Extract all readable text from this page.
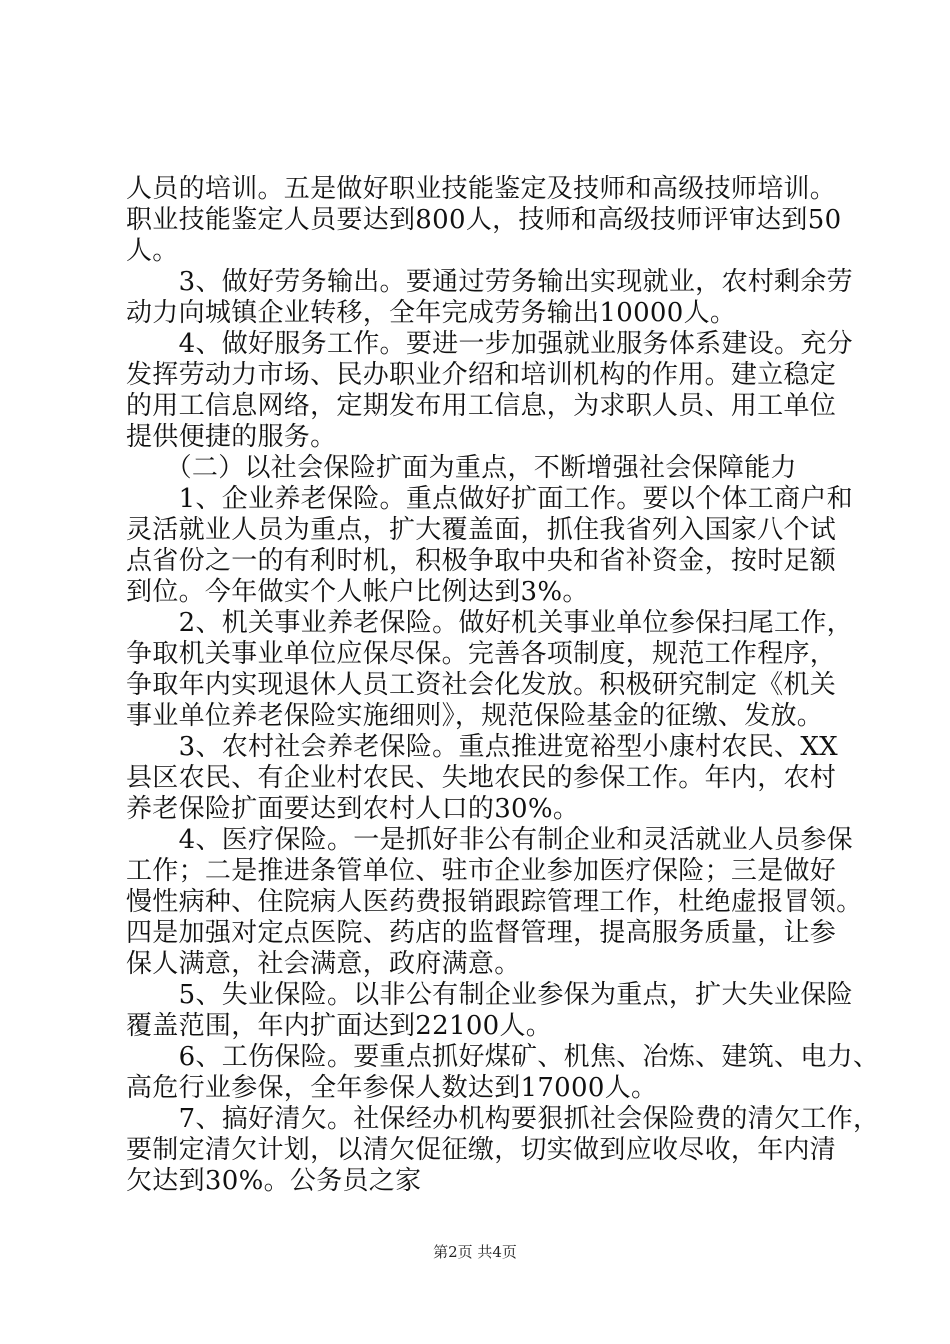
人员的培训。五是做好职业技能鉴定及技师和高级技师培训。
职业技能鉴定人员要达到800人，技师和高级技师评审达到50
人。
　　3、做好劳务输出。要通过劳务输出实现就业，农村剩余劳
动力向城镇企业转移，全年完成劳务输出10000人。
　　4、做好服务工作。要进一步加强就业服务体系建设。充分
发挥劳动力市场、民办职业介绍和培训机构的作用。建立稳定
的用工信息网络，定期发布用工信息，为求职人员、用工单位
提供便捷的服务。
　　（二）以社会保险扩面为重点，不断增强社会保障能力
　　1、企业养老保险。重点做好扩面工作。要以个体工商户和
灵活就业人员为重点，扩大覆盖面，抓住我省列入国家八个试
点省份之一的有利时机，积极争取中央和省补资金，按时足额
到位。今年做实个人帐户比例达到3%。
　　2、机关事业养老保险。做好机关事业单位参保扫尾工作，
争取机关事业单位应保尽保。完善各项制度，规范工作程序，
争取年内实现退休人员工资社会化发放。积极研究制定《机关
事业单位养老保险实施细则》，规范保险基金的征缴、发放。
　　3、农村社会养老保险。重点推进宽裕型小康村农民、XX
县区农民、有企业村农民、失地农民的参保工作。年内，农村
养老保险扩面要达到农村人口的30%。
　　4、医疗保险。一是抓好非公有制企业和灵活就业人员参保
工作；二是推进条管单位、驻市企业参加医疗保险；三是做好
慢性病种、住院病人医药费报销跟踪管理工作，杜绝虚报冒领。
四是加强对定点医院、药店的监督管理，提高服务质量，让参
保人满意，社会满意，政府满意。
　　5、失业保险。以非公有制企业参保为重点，扩大失业保险
覆盖范围，年内扩面达到22100人。
　　6、工伤保险。要重点抓好煤矿、机焦、冶炼、建筑、电力、
高危行业参保，全年参保人数达到17000人。
　　7、搞好清欠。社保经办机构要狠抓社会保险费的清欠工作，
要制定清欠计划，以清欠促征缴，切实做到应收尽收，年内清
欠达到30%。公务员之家
第2页 共4页
